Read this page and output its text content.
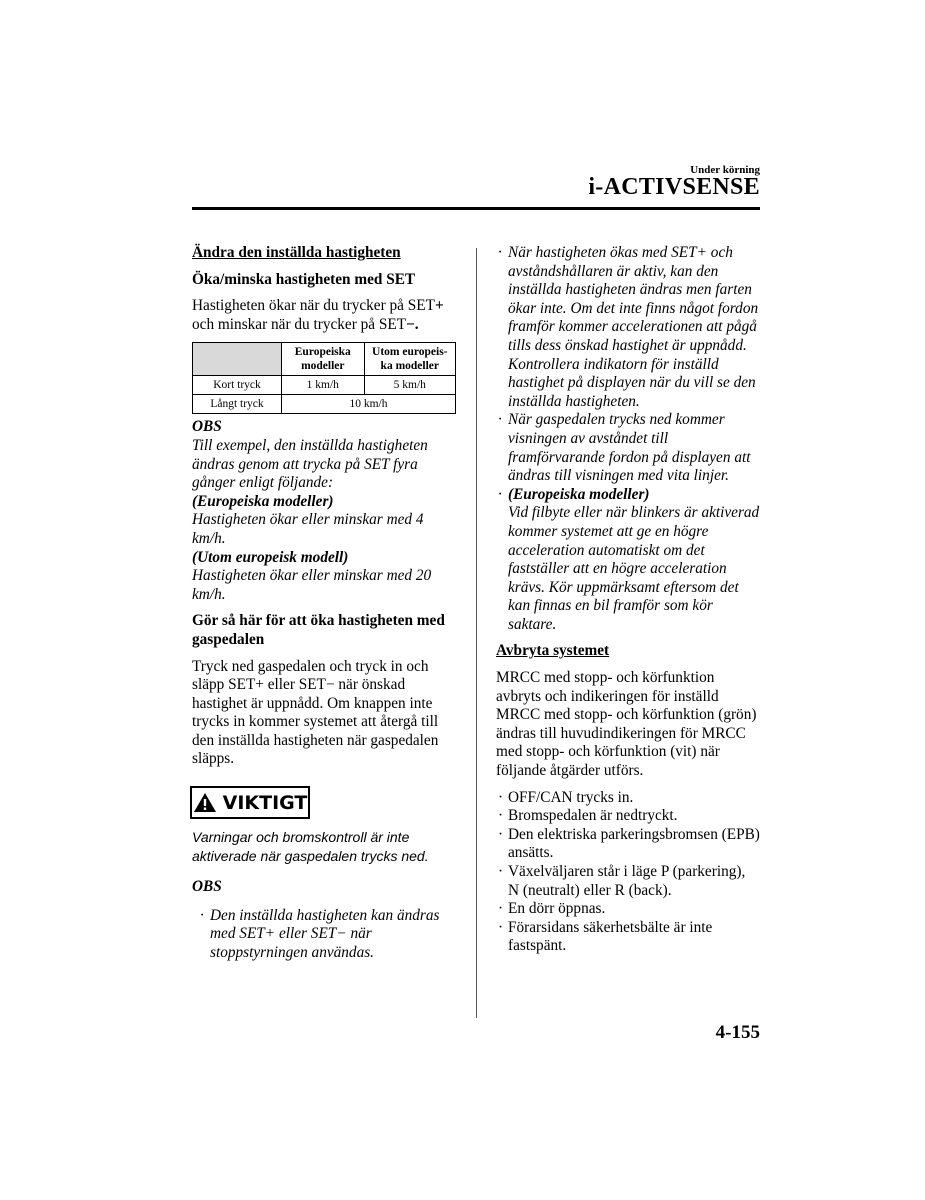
Under körning
i-ACTIVSENSE

Ändra den inställda hastigheten

Öka/minska hastigheten med SET

Hastigheten ökar när du trycker på SET+ och minskar när du trycker på SET−.

	Europeiska modeller	Utom europeis-ka modeller
Kort tryck	1 km/h	5 km/h
Långt tryck	10 km/h	

OBS

Till exempel, den inställda hastigheten ändras genom att trycka på SET fyra gånger enligt följande:

(Europeiska modeller)

Hastigheten ökar eller minskar med 4 km/h.

(Utom europeisk modell)

Hastigheten ökar eller minskar med 20 km/h.

Gör så här för att öka hastigheten med gaspedalen

Tryck ned gaspedalen och tryck in och släpp SET+ eller SET− när önskad hastighet är uppnådd. Om knappen inte trycks in kommer systemet att återgå till den inställda hastigheten när gaspedalen släpps.

VIKTIGT

Varningar och bromskontroll är inte aktiverade när gaspedalen trycks ned.

OBS

· Den inställda hastigheten kan ändras med SET+ eller SET− när stoppstyrningen användas.
· När hastigheten ökas med SET+ och avståndshållaren är aktiv, kan den inställda hastigheten ändras men farten ökar inte. Om det inte finns något fordon framför kommer accelerationen att pågå tills dess önskad hastighet är uppnådd. Kontrollera indikatorn för inställd hastighet på displayen när du vill se den inställda hastigheten.
· När gaspedalen trycks ned kommer visningen av avståndet till framförvarande fordon på displayen att ändras till visningen med vita linjer.
· (Europeiska modeller)
Vid filbyte eller när blinkers är aktiverad kommer systemet att ge en högre acceleration automatiskt om det fastställer att en högre acceleration krävs. Kör uppmärksamt eftersom det kan finnas en bil framför som kör saktare.

Avbryta systemet

MRCC med stopp- och körfunktion avbryts och indikeringen för inställd MRCC med stopp- och körfunktion (grön) ändras till huvudindikeringen för MRCC med stopp- och körfunktion (vit) när följande åtgärder utförs.

· OFF/CAN trycks in.
· Bromspedalen är nedtryckt.
· Den elektriska parkeringsbromsen (EPB) ansätts.
· Växelväljaren står i läge P (parkering), N (neutralt) eller R (back).
· En dörr öppnas.
· Förarsidans säkerhetsbälte är inte fastspänt.
4-155
